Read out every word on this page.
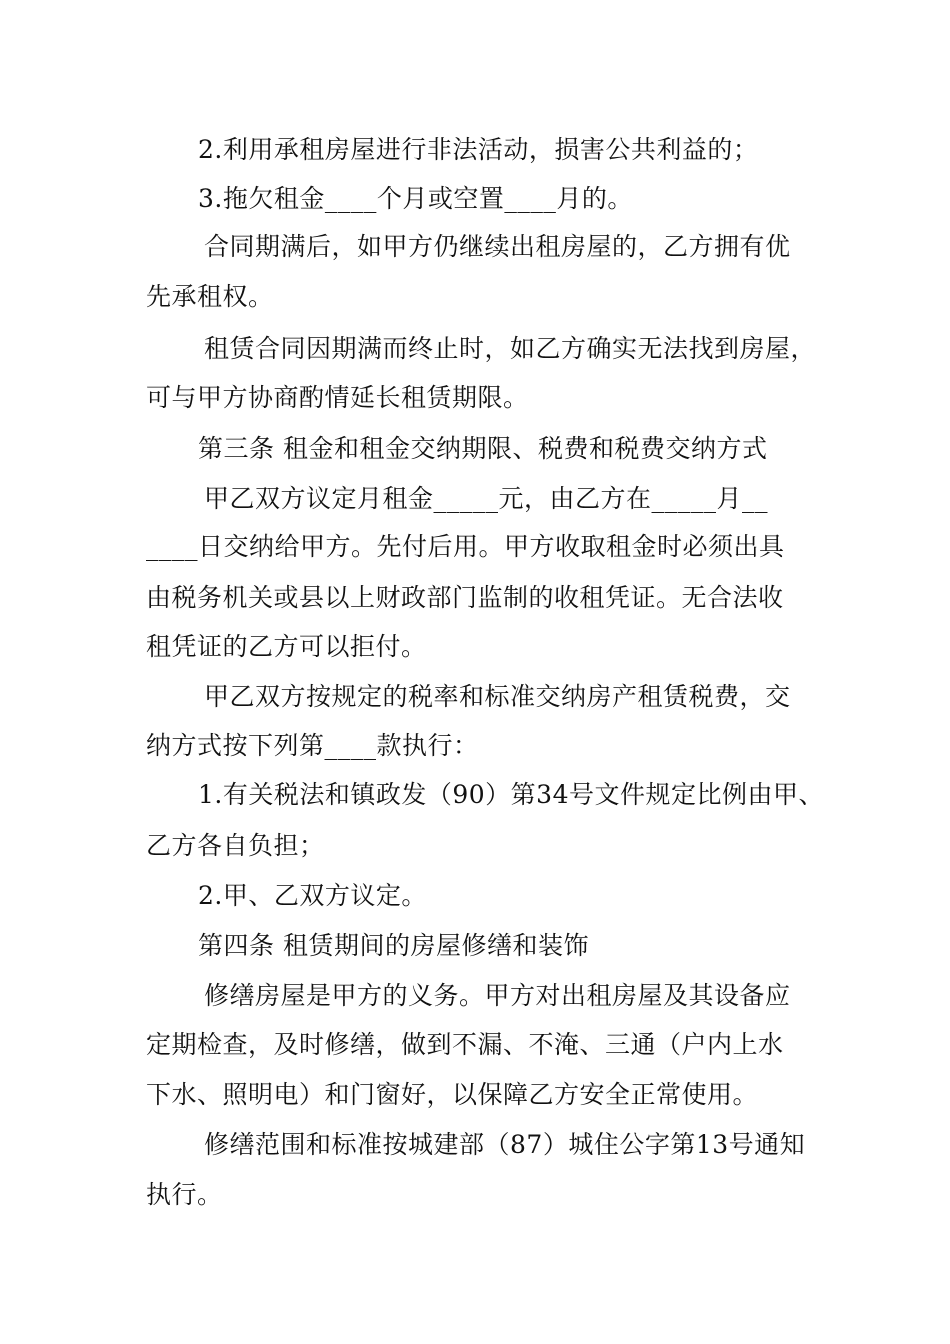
2.利用承租房屋进行非法活动，损害公共利益的；
3.拖欠租金____个月或空置____月的。
合同期满后，如甲方仍继续出租房屋的，乙方拥有优
先承租权。
租赁合同因期满而终止时，如乙方确实无法找到房屋，
可与甲方协商酌情延长租赁期限。
第三条 租金和租金交纳期限、税费和税费交纳方式
甲乙双方议定月租金_____元，由乙方在_____月__
____日交纳给甲方。先付后用。甲方收取租金时必须出具
由税务机关或县以上财政部门监制的收租凭证。无合法收
租凭证的乙方可以拒付。
甲乙双方按规定的税率和标准交纳房产租赁税费，交
纳方式按下列第____款执行：
1.有关税法和镇政发（90）第34号文件规定比例由甲、
乙方各自负担；
2.甲、乙双方议定。
第四条 租赁期间的房屋修缮和装饰
修缮房屋是甲方的义务。甲方对出租房屋及其设备应
定期检查，及时修缮，做到不漏、不淹、三通（户内上水
下水、照明电）和门窗好，以保障乙方安全正常使用。
修缮范围和标准按城建部（87）城住公字第13号通知
执行。
